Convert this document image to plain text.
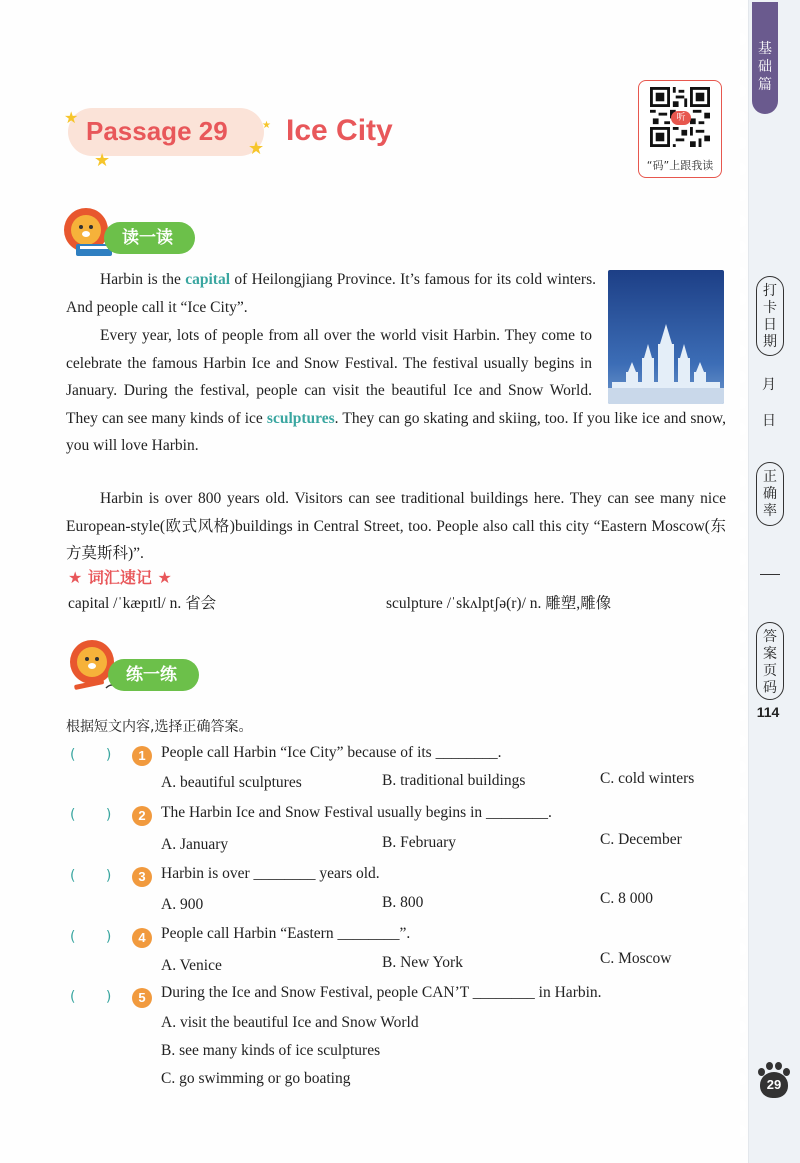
基础篇
打卡日期
月
日
正确率
答案页码
114
29
★
★
★
★
Passage 29 Ice City	听
“码”上跟我读
读一读
Harbin is the capital of Heilongjiang Province. It’s famous for its cold winters. And people call it “Ice City”.
Every year, lots of people from all over the world visit Harbin. They come to celebrate the famous Harbin Ice and Snow Festival. The festival usually begins in January. During the festival, people can visit the beautiful Ice and Snow World. They can see many kinds of ice sculptures. They can go skating and skiing, too. If you like ice and snow, you will love Harbin.
Harbin is over 800 years old. Visitors can see traditional buildings here. They can see many nice European-style(欧式风格)buildings in Central Street, too. People also call this city “Eastern Moscow(东方莫斯科)”.
★ 词汇速记 ★
capital /ˈkæpɪtl/ n. 省会	sculpture /ˈskʌlptʃə(r)/ n. 雕塑,雕像
练一练
根据短文内容,选择正确答案。
( )	1 People call Harbin “Ice City” because of its ________.
A. beautiful sculptures	B. traditional buildings	C. cold winters
( )	2 The Harbin Ice and Snow Festival usually begins in ________.
A. January	B. February	C. December
( )	3 Harbin is over ________ years old.
A. 900	B. 800	C. 8 000
( )	4 People call Harbin “Eastern ________”.
A. Venice	B. New York	C. Moscow
( )	5 During the Ice and Snow Festival, people CAN’T ________ in Harbin.
A. visit the beautiful Ice and Snow World
B. see many kinds of ice sculptures
C. go swimming or go boating
